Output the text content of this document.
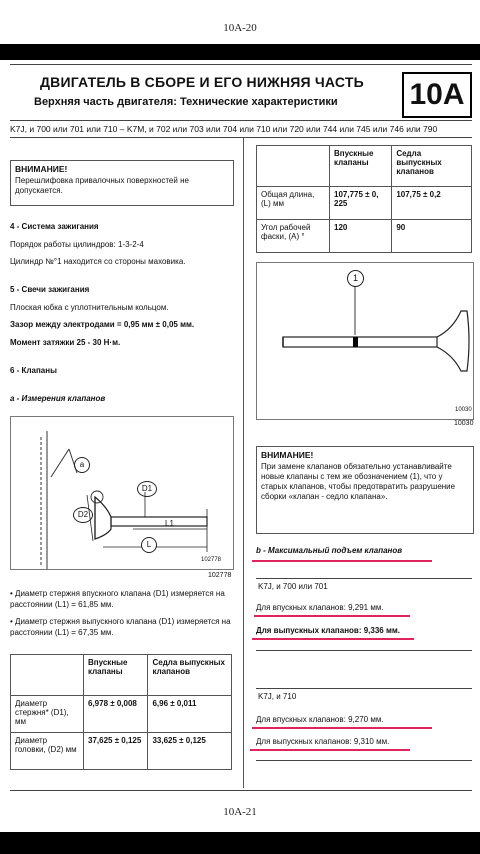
10A-20
ДВИГАТЕЛЬ В СБОРЕ И ЕГО НИЖНЯЯ ЧАСТЬ
Верхняя часть двигателя: Технические характеристики 10A
K7J, и 700 или 701 или 710 – K7M, и 702 или 703 или 704 или 710 или 720 или 744 или 745 или 746 или 790
ВНИМАНИЕ!
Перешлифовка привалочных поверхностей не допускается.
4 - Система зажигания
Порядок работы цилиндров: 1-3-2-4
Цилиндр №°1 находится со стороны маховика.
5 - Свечи зажигания
Плоская юбка с уплотнительным кольцом.
Зазор между электродами = 0,95 мм ± 0,05 мм.
Момент затяжки 25 - 30 Н·м.
6 - Клапаны
a - Измерения клапанов
a
D1
D2
L1
L
102778
102778
• Диаметр стержня впускного клапана (D1) измеряется на расстоянии (L1) = 61,85 мм.
• Диаметр стержня выпускного клапана (D1) измеряется на расстоянии (L1) = 67,35 мм.
	Впускные клапаны	Седла выпускных клапанов
Диаметр стержня* (D1), мм	6,978 ± 0,008	6,96 ± 0,011
Диаметр головки, (D2) мм	37,625 ± 0,125	33,625 ± 0,125
	Впускные клапаны	Седла выпускных клапанов
Общая длина, (L) мм	107,775 ± 0, 225	107,75 ± 0,2
Угол рабочей фаски, (A) °	120	90
1
10030
10030
ВНИМАНИЕ!
При замене клапанов обязательно устанавливайте новые клапаны с тем же обозначением (1), что у старых клапанов, чтобы предотвратить разрушение сборки «клапан - седло клапана».
b - Максимальный подъем клапанов
K7J, и 700 или 701
Для впускных клапанов: 9,291 мм.
Для выпускных клапанов: 9,336 мм.
K7J, и 710
Для впускных клапанов: 9,270 мм.
Для выпускных клапанов: 9,310 мм.
10A-21
